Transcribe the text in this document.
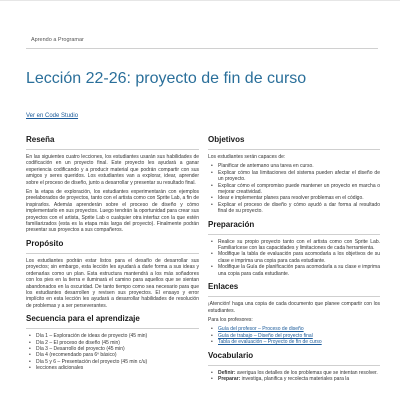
Aprendo a Programar
Lección 22-26: proyecto de fin de curso
Ver en Code Studio
Reseña

En las siguientes cuatro lecciones, los estudiantes usarán sus habilidades de codificación en un proyecto final. Este proyecto les ayudará a ganar experiencia codificando y a producir material que podrán compartir con sus amigos y seres queridos. Los estudiantes van a explorar, idear, aprender sobre el proceso de diseño, junto a desarrollar y presentar su resultado final.

En la etapa de exploración, los estudiantes experimentarán con ejemplos preelaborados de proyectos, tanto con el artista como con Sprite Lab, a fin de inspirarlos. Además aprenderán sobre el proceso de diseño y cómo implementarlo en sus proyectos. Luego tendrán la oportunidad para crear sus proyectos con el artista, Sprite Lab o cualquier otra interfaz con la que estén familiarizados (esta es la etapa más larga del proyecto). Finalmente podrán presentar sus proyectos a sus compañeros.

Propósito

Los estudiantes podrán estar listos para el desafío de desarrollar sus proyectos; sin embargo, esta lección les ayudará a darle forma a sus ideas y ordenarlas como un plan. Esta estructura mantendrá a los más soñadores con los pies en la tierra e iluminará el camino para aquellos que se sientan abandonados en la oscuridad. De tanto tiempo como sea necesario para que los estudiantes desarrollen y revisen sus proyectos. El ensayo y error implícito en esta lección les ayudará a desarrollar habilidades de resolución de problemas y a ser perseverantes.

Secuencia para el aprendizaje
• Día 1 – Exploración de ideas de proyecto (45 min)
• Día 2 – El proceso de diseño (45 min)
• Día 3 – Desarrollo del proyecto (45 min)
• Día 4 (recomendado para 6º básico)
• Día 5 y 6 – Presentación del proyecto (45 min c/u)
• lecciones adicionales
Objetivos

Los estudiantes serán capaces de:

• Planificar de antemano una tarea en curso.
• Explicar cómo las limitaciones del sistema pueden afectar el diseño de un proyecto.
• Explicar cómo el compromiso puede mantener un proyecto en marcha o mejorar creatividad.
• Idear e implementar planes para resolver problemas en el código.
• Explicar el proceso de diseño y cómo ayudó a dar forma al resultado final de su proyecto.
Preparación
• Realice su propio proyecto tanto con el artista como con Sprite Lab. Familiarícese con las capacidades y limitaciones de cada herramienta.
• Modifique la tabla de evaluación para acomodarla a los objetivos de su clase e imprima una copia para cada estudiante.
• Modifique la Guía de planificación para acomodarla a su clase e imprima una copia para cada estudiante.
Enlaces

¡Atención! haga una copia de cada documento que planee compartir con los estudiantes.

Para los profesores:

• Guía del profesor – Proceso de diseño
• Guía de trabajo – Diseño del proyecto final
• Tabla de evaluación – Proyecto de fin de curso
Vocabulario
• Definir: averigua los detalles de los problemas que se intentan resolver.
• Preparar: investiga, planifica y recolecta materiales para la
